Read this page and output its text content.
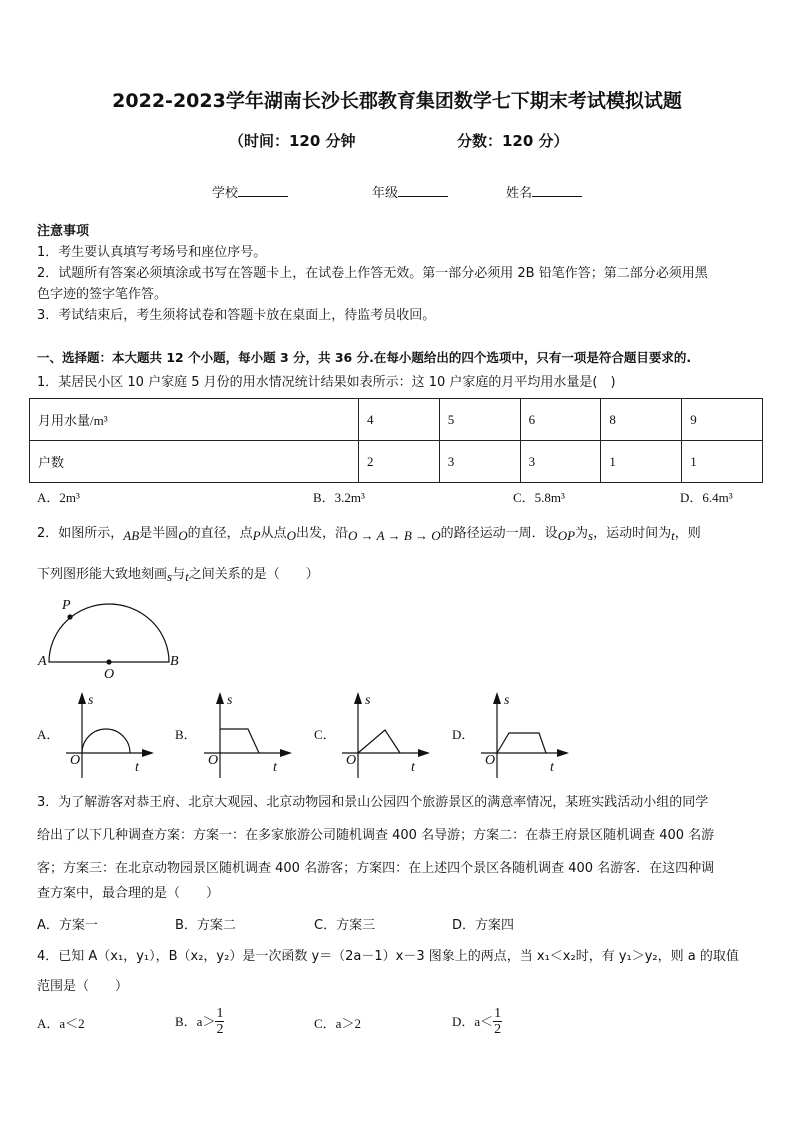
2022-2023学年湖南长沙长郡教育集团数学七下期末考试模拟试题
（时间：120 分钟	分数：120 分）
学校	年级	姓名
注意事项
1．考生要认真填写考场号和座位序号。
2．试题所有答案必须填涂或书写在答题卡上，在试卷上作答无效。第一部分必须用 2B 铅笔作答；第二部分必须用黑
色字迹的签字笔作答。
3．考试结束后，考生须将试卷和答题卡放在桌面上，待监考员收回。
一、选择题：本大题共 12 个小题，每小题 3 分，共 36 分.在每小题给出的四个选项中，只有一项是符合题目要求的.
1．某居民小区 10 户家庭 5 月份的用水情况统计结果如表所示：这 10 户家庭的月平均用水量是(　)
月用水量/m³	4	5	6	8	9
户数	2	3	3	1	1
A．2m³	B．3.2m³	C．5.8m³	D．6.4m³
2．如图所示，AB是半圆O的直径，点P从点O出发，沿O → A → B → O的路径运动一周．设OP为s，运动时间为t，则
下列图形能大致地刻画s与t之间关系的是（　　）
P
A	B
O
A．	B．	C．	D．
s
O	t
s
O	t
s
O	t
s
O	t
3．为了解游客对恭王府、北京大观园、北京动物园和景山公园四个旅游景区的满意率情况，某班实践活动小组的同学
给出了以下几种调查方案：方案一：在多家旅游公司随机调查 400 名导游；方案二：在恭王府景区随机调查 400 名游
客；方案三：在北京动物园景区随机调查 400 名游客；方案四：在上述四个景区各随机调查 400 名游客．在这四种调
查方案中，最合理的是（　　）
A．方案一	B．方案二	C．方案三	D．方案四
4．已知 A（x₁，y₁），B（x₂，y₂）是一次函数 y＝（2a－1）x－3 图象上的两点，当 x₁＜x₂时，有 y₁＞y₂，则 a 的取值
范围是（　　）
A．a＜2	B．$a> \frac{1}{2}$	C．a＞2	D．$a< \frac{1}{2}$
